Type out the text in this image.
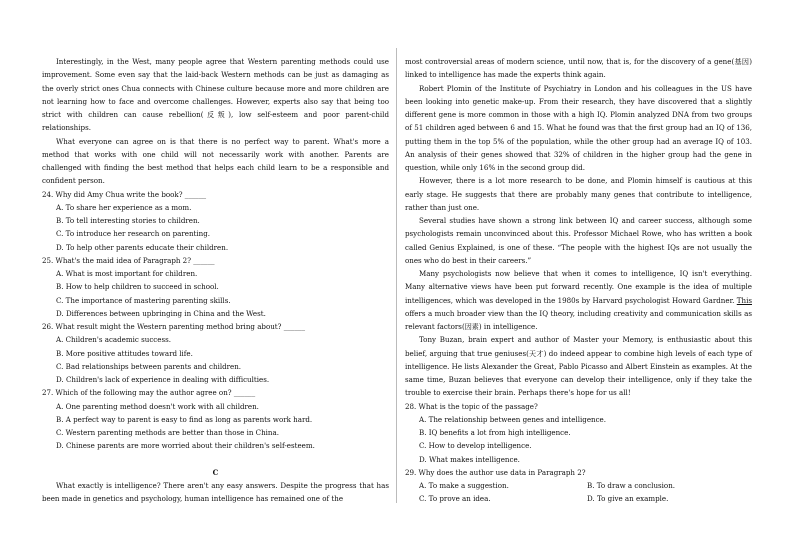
Interestingly, in the West, many people agree that Western parenting methods could use improvement. Some even say that the laid-back Western methods can be just as damaging as the overly strict ones Chua connects with Chinese culture because more and more children are not learning how to face and overcome challenges. However, experts also say that being too strict with children can cause rebellion(反叛), low self-esteem and poor parent-child relationships.

What everyone can agree on is that there is no perfect way to parent. What's more a method that works with one child will not necessarily work with another. Parents are challenged with finding the best method that helps each child learn to be a responsible and confident person.

24. Why did Amy Chua write the book? ______

A. To share her experience as a mom.

B. To tell interesting stories to children.

C. To introduce her research on parenting.

D. To help other parents educate their children.

25. What's the maid idea of Paragraph 2? ______

A. What is most important for children.

B. How to help children to succeed in school.

C. The importance of mastering parenting skills.

D. Differences between upbringing in China and the West.

26. What result might the Western parenting method bring about? ______

A. Children's academic success.

B. More positive attitudes toward life.

C. Bad relationships between parents and children.

D. Children's lack of experience in dealing with difficulties.

27. Which of the following may the author agree on? ______

A. One parenting method doesn't work with all children.

B. A perfect way to parent is easy to find as long as parents work hard.

C. Western parenting methods are better than those in China.

D. Chinese parents are more worried about their children's self-esteem.

C

What exactly is intelligence? There aren't any easy answers. Despite the progress that has been made in genetics and psychology, human intelligence has remained one of the

most controversial areas of modern science, until now, that is, for the discovery of a gene(基因) linked to intelligence has made the experts think again.

Robert Plomin of the Institute of Psychiatry in London and his colleagues in the US have been looking into genetic make-up. From their research, they have discovered that a slightly different gene is more common in those with a high IQ. Plomin analyzed DNA from two groups of 51 children aged between 6 and 15. What he found was that the first group had an IQ of 136, putting them in the top 5% of the population, while the other group had an average IQ of 103. An analysis of their genes showed that 32% of children in the higher group had the gene in question, while only 16% in the second group did.

However, there is a lot more research to be done, and Plomin himself is cautious at this early stage. He suggests that there are probably many genes that contribute to intelligence, rather than just one.

Several studies have shown a strong link between IQ and career success, although some psychologists remain unconvinced about this. Professor Michael Rowe, who has written a book called Genius Explained, is one of these. “The people with the highest IQs are not usually the ones who do best in their careers.”

Many psychologists now believe that when it comes to intelligence, IQ isn't everything. Many alternative views have been put forward recently. One example is the idea of multiple intelligences, which was developed in the 1980s by Harvard psychologist Howard Gardner. This offers a much broader view than the IQ theory, including creativity and communication skills as relevant factors(因素) in intelligence.

Tony Buzan, brain expert and author of Master your Memory, is enthusiastic about this belief, arguing that true geniuses(天才) do indeed appear to combine high levels of each type of intelligence. He lists Alexander the Great, Pablo Picasso and Albert Einstein as examples. At the same time, Buzan believes that everyone can develop their intelligence, only if they take the trouble to exercise their brain. Perhaps there's hope for us all!

28. What is the topic of the passage?

A. The relationship between genes and intelligence.

B. IQ benefits a lot from high intelligence.

C. How to develop intelligence.

D. What makes intelligence.

29. Why does the author use data in Paragraph 2?

A. To make a suggestion.	B. To draw a conclusion.
C. To prove an idea.	D. To give an example.
